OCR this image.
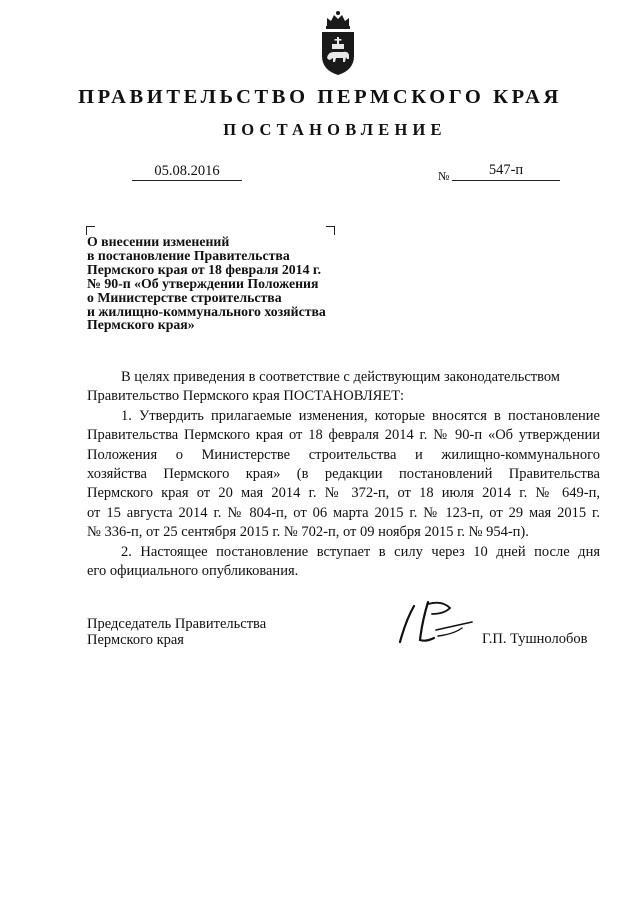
ПРАВИТЕЛЬСТВО ПЕРМСКОГО КРАЯ
ПОСТАНОВЛЕНИЕ
05.08.2016	№	547-п
О внесении изменений
в постановление Правительства
Пермского края от 18 февраля 2014 г.
№ 90-п «Об утверждении Положения
о Министерстве строительства
и жилищно-коммунального хозяйства
Пермского края»
В целях приведения в соответствие с действующим законодательством
Правительство Пермского края ПОСТАНОВЛЯЕТ:
1. Утвердить прилагаемые изменения, которые вносятся в постановление
Правительства Пермского края от 18 февраля 2014 г. № 90-п «Об утверждении
Положения о Министерстве строительства и жилищно-коммунального
хозяйства Пермского края» (в редакции постановлений Правительства
Пермского края от 20 мая 2014 г. № 372-п, от 18 июля 2014 г. № 649-п,
от 15 августа 2014 г. № 804-п, от 06 марта 2015 г. № 123-п, от 29 мая 2015 г.
№ 336-п, от 25 сентября 2015 г. № 702-п, от 09 ноября 2015 г. № 954-п).
2. Настоящее постановление вступает в силу через 10 дней после дня
его официального опубликования.
Председатель Правительства
Пермского края	Г.П. Тушнолобов
